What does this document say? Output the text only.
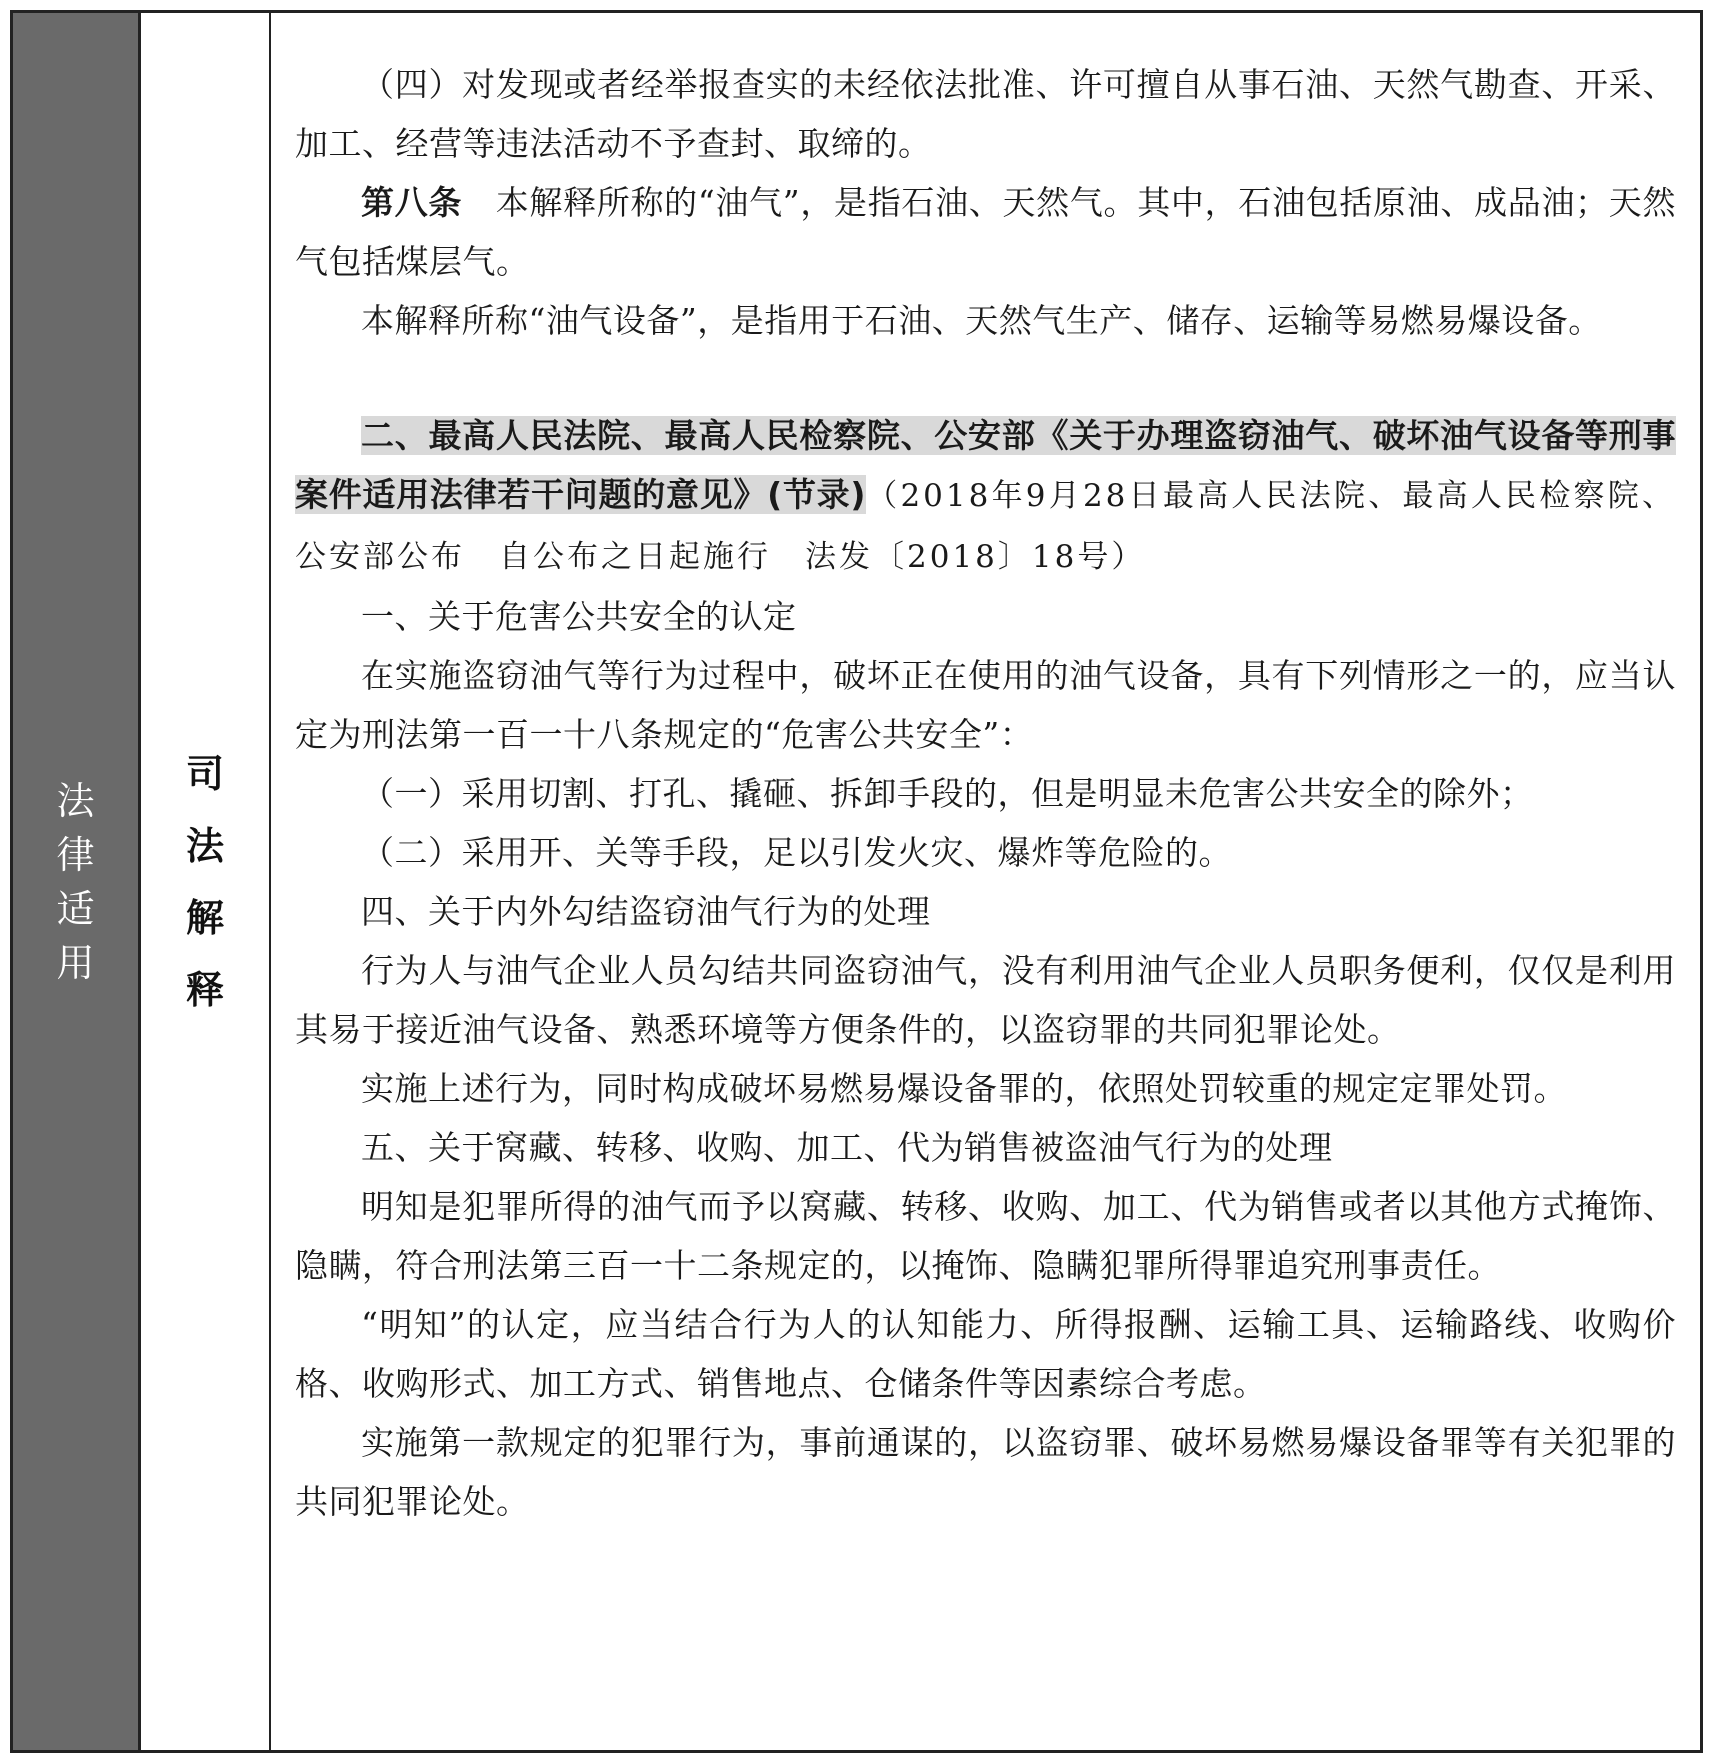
法
律
适
用
司
法
解
释

（四）对发现或者经举报查实的未经依法批准、许可擅自从事石油、天然气勘查、开采、加工、经营等违法活动不予查封、取缔的。

第八条　 本解释所称的“油气”，是指石油、天然气。其中，石油包括原油、成品油；天然气包括煤层气。

本解释所称“油气设备”，是指用于石油、天然气生产、储存、运输等易燃易爆设备。

二、最高人民法院、最高人民检察院、公安部《关于办理盗窃油气、破坏油气设备等刑事案件适用法律若干问题的意见》(节录)（2018年9月28日最高人民法院、最高人民检察院、公安部公布　自公布之日起施行　法发〔2018〕18号）

一、关于危害公共安全的认定

在实施盗窃油气等行为过程中，破坏正在使用的油气设备，具有下列情形之一的，应当认定为刑法第一百一十八条规定的“危害公共安全”：

（一）采用切割、打孔、撬砸、拆卸手段的，但是明显未危害公共安全的除外；

（二）采用开、关等手段，足以引发火灾、爆炸等危险的。

四、关于内外勾结盗窃油气行为的处理

行为人与油气企业人员勾结共同盗窃油气，没有利用油气企业人员职务便利，仅仅是利用其易于接近油气设备、熟悉环境等方便条件的，以盗窃罪的共同犯罪论处。

实施上述行为，同时构成破坏易燃易爆设备罪的，依照处罚较重的规定定罪处罚。

五、关于窝藏、转移、收购、加工、代为销售被盗油气行为的处理

明知是犯罪所得的油气而予以窝藏、转移、收购、加工、代为销售或者以其他方式掩饰、隐瞒，符合刑法第三百一十二条规定的，以掩饰、隐瞒犯罪所得罪追究刑事责任。

“明知”的认定，应当结合行为人的认知能力、所得报酬、运输工具、运输路线、收购价格、收购形式、加工方式、销售地点、仓储条件等因素综合考虑。

实施第一款规定的犯罪行为，事前通谋的，以盗窃罪、破坏易燃易爆设备罪等有关犯罪的共同犯罪论处。
